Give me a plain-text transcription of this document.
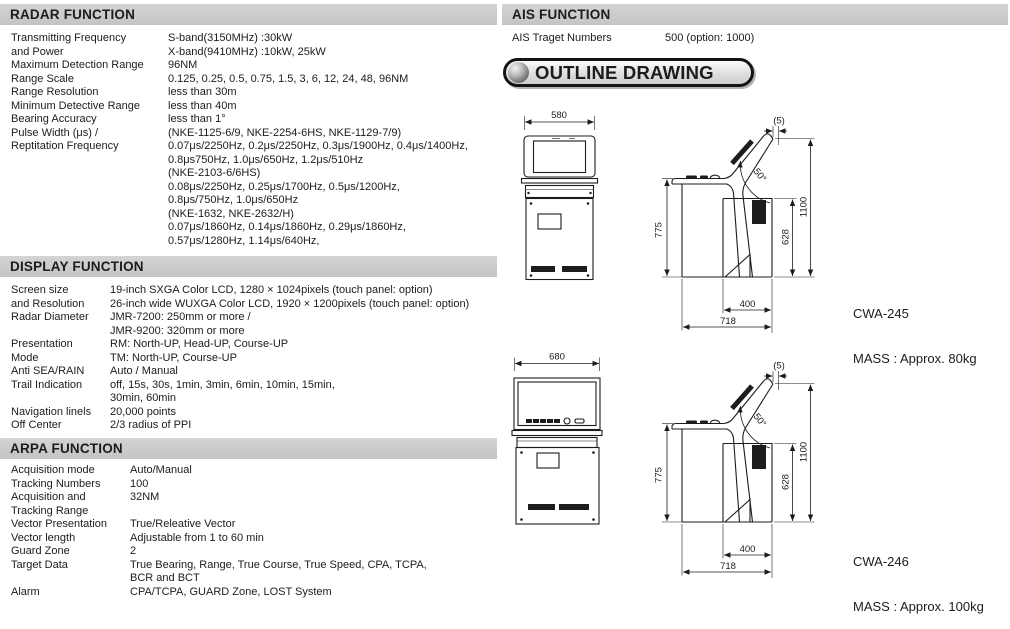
RADAR FUNCTION
Transmitting Frequency	S-band(3150MHz) :30kW
and Power	X-band(9410MHz) :10kW, 25kW
Maximum Detection Range	96NM
Range Scale	0.125, 0.25, 0.5, 0.75, 1.5, 3, 6, 12, 24, 48, 96NM
Range Resolution	less than 30m
Minimum Detective Range	less than 40m
Bearing Accuracy	less than 1°
Pulse Width (μs) /	(NKE-1125-6/9, NKE-2254-6HS, NKE-1129-7/9)
Reptitation Frequency	0.07μs/2250Hz, 0.2μs/2250Hz, 0.3μs/1900Hz, 0.4μs/1400Hz,
0.8μs750Hz, 1.0μs/650Hz, 1.2μs/510Hz
(NKE-2103-6/6HS)
0.08μs/2250Hz, 0.25μs/1700Hz, 0.5μs/1200Hz,
0.8μs/750Hz, 1.0μs/650Hz
(NKE-1632, NKE-2632/H)
0.07μs/1860Hz, 0.14μs/1860Hz, 0.29μs/1860Hz,
0.57μs/1280Hz, 1.14μs/640Hz,
DISPLAY FUNCTION
Screen size	19-inch SXGA Color LCD, 1280 × 1024pixels (touch panel: option)
and Resolution	26-inch wide WUXGA Color LCD, 1920 × 1200pixels (touch panel: option)
Radar Diameter	JMR-7200: 250mm or more /
JMR-9200: 320mm or more
Presentation	RM: North-UP, Head-UP, Course-UP
Mode	TM: North-UP, Course-UP
Anti SEA/RAIN	Auto / Manual
Trail Indication	off, 15s, 30s, 1min, 3min, 6min, 10min, 15min,
30min, 60min
Navigation linels	20,000 points
Off Center	2/3 radius of PPI
ARPA FUNCTION
Acquisition mode	Auto/Manual
Tracking Numbers	100
Acquisition and	32NM
Tracking Range
Vector Presentation	True/Releative Vector
Vector length	Adjustable from 1 to 60 min
Guard Zone	2
Target Data	True Bearing, Range, True Course, True Speed, CPA, TCPA,
BCR and BCT
Alarm	CPA/TCPA, GUARD Zone, LOST System
AIS FUNCTION
AIS Traget Numbers	500 (option: 1000)
OUTLINE DRAWING
580
775
50°
(5)
1100
628
400
718

CWA-245

MASS : Approx. 80kg

680
775
50°
(5)
1100
628
400
718

	CWA-246

MASS : Approx. 100kg
